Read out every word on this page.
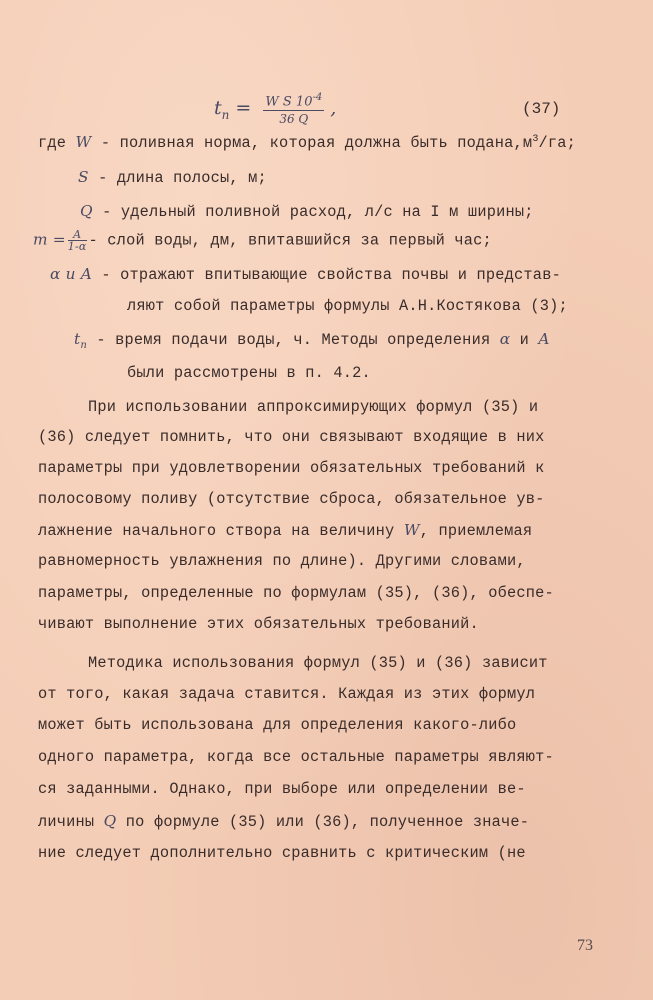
$t_n = \frac{W S 10^{-4}}{36 Q}$ ,	(37)
где W - поливная норма, которая должна быть $подана,м^3/га$;
S - длина полосы, м;
Q - удельный поливной расход, л/с на I м ширины;
$m = \frac{A}{1-\alpha}$ - слой воды, дм, впитавшийся за первый час;
α и A - отражают впитывающие свойства почвы и представ-
ляют собой параметры формулы А.Н.Костякова (3);
$t_n$ - время подачи воды, ч. Методы определения α и A
были рассмотрены в п. 4.2.
При использовании аппроксимирующих формул (35) и
(36) следует помнить, что они связывают входящие в них
параметры при удовлетворении обязательных требований к
полосовому поливу (отсутствие сброса, обязательное ув-
лажнение начального створа на величину W, приемлемая
равномерность увлажнения по длине). Другими словами,
параметры, определенные по формулам (35), (36), обеспе-
чивают выполнение этих обязательных требований.
Методика использования формул (35) и (36) зависит
от того, какая задача ставится. Каждая из этих формул
может быть использована для определения какого-либо
одного параметра, когда все остальные параметры являют-
ся заданными. Однако, при выборе или определении ве-
личины Q по формуле (35) или (36), полученное значе-
ние следует дополнительно сравнить с критическим (не
73
